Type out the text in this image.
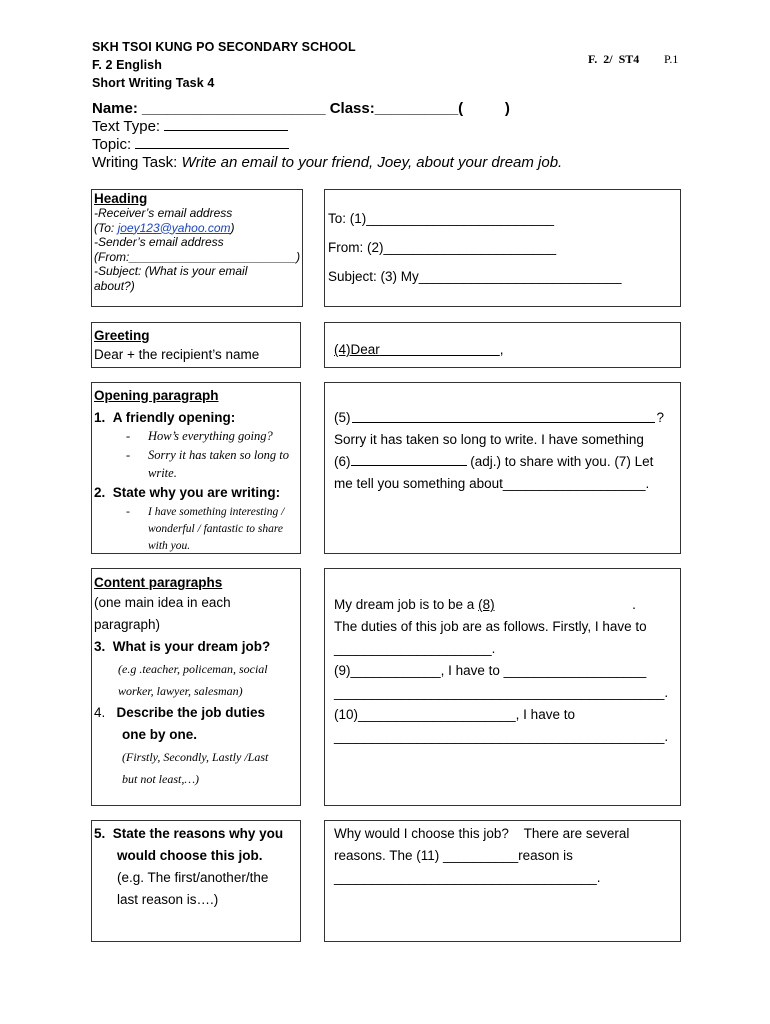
SKH TSOI KUNG PO SECONDARY SCHOOL
F. 2 English
Short Writing Task 4
F.  2/  ST4 P.1
Name: ______________________ Class:__________(          )
Text Type:
Topic:
Writing Task: Write an email to your friend, Joey, about your dream job.
Heading
-Receiver’s email address
(To: joey123@yahoo.com)
-Sender’s email address
(From:_________________________)
-Subject: (What is your email
about?)
To: (1)_________________________
From: (2)_______________________
Subject: (3) My___________________________
Greeting
Dear + the recipient’s name	(4)Dear	,
Opening paragraph
1. A friendly opening:
-	How’s everything going?
-	Sorry it has taken so long to write.
2. State why you are writing:
-	I have something interesting / wonderful / fantastic to share with you.
(5)	?
Sorry it has taken so long to write. I have something
(6)	(adj.) to share with you. (7) Let
me tell you something about___________________.
Content paragraphs
(one main idea in each
paragraph)
3. What is your dream job?
(e.g .teacher, policeman, social
worker, lawyer, salesman)
4. Describe the job duties
one by one.
(Firstly, Secondly, Lastly /Last
but not least,…)
My dream job is to be a (8)	.
The duties of this job are as follows. Firstly, I have to
_____________________.
(9)____________, I have to ___________________
____________________________________________.
(10)_____________________, I have to
____________________________________________.
5. State the reasons why you
would choose this job.
(e.g. The first/another/the
last reason is….)
Why would I choose this job?    There are several
reasons. The (11) __________reason is
___________________________________.
